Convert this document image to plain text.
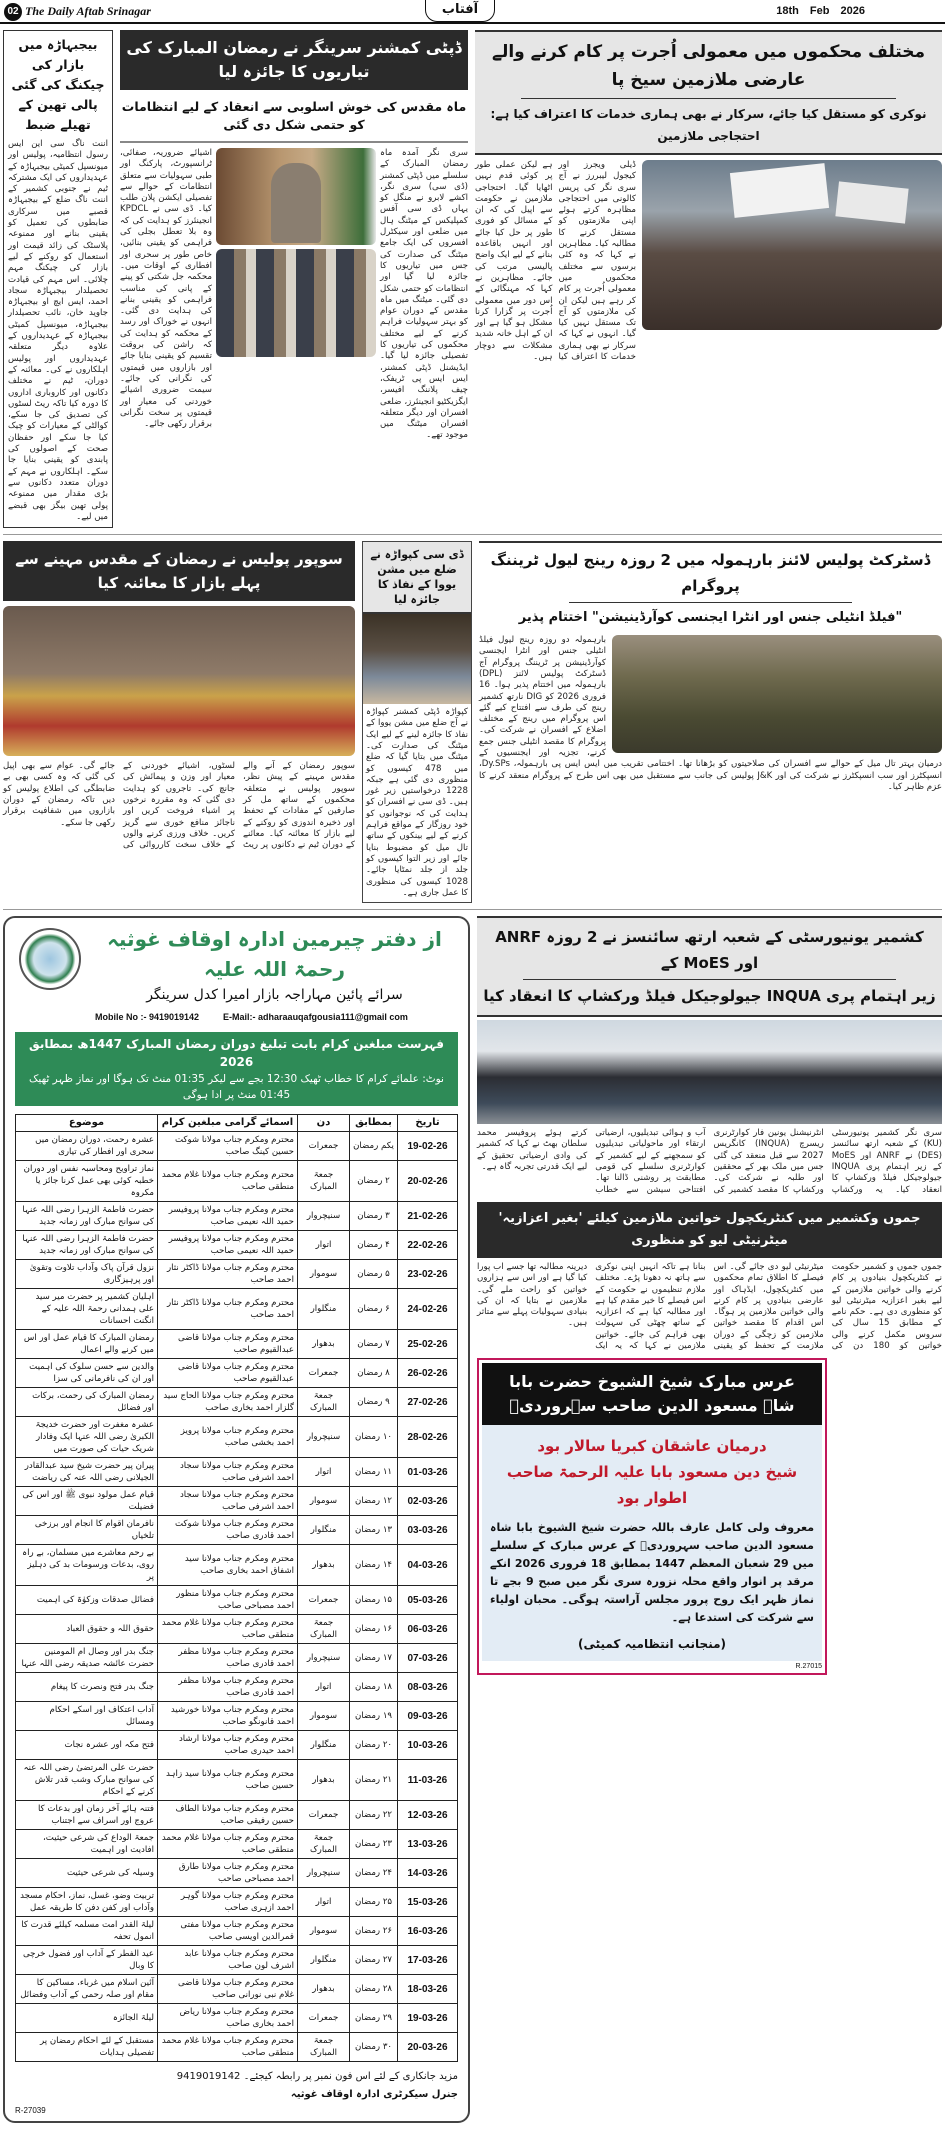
02 The Daily Aftab Srinagar	آفتاب	18th Feb 2026
بیجبہاڑہ میں بازار کی
چیکنگ کی گئی
پالی تھین کے تھیلے ضبط
اننت ناگ سی این ایس رسول انتظامیہ، پولیس اور میونسپل کمیٹی بیجبہاڑہ کے عہدیداروں کی ایک مشترکہ ٹیم نے جنوبی کشمیر کے اننت ناگ ضلع کے بیجبہاڑہ قصبے میں سرکاری ضابطوں کی تعمیل کو یقینی بنانے اور ممنوعہ پلاسٹک کی زائد قیمت اور استعمال کو روکنے کے لیے بازار کی چیکنگ مہم چلائی۔ اس مہم کی قیادت تحصیلدار بیجبہاڑہ سجاد احمد، ایس ایچ او بیجبہاڑہ جاوید خان، نائب تحصیلدار بیجبہاڑہ، میونسپل کمیٹی بیجبہاڑہ کے عہدیداروں کے علاوہ دیگر متعلقہ عہدیداروں اور پولیس اہلکاروں نے کی۔ معائنہ کے دوران، ٹیم نے مختلف دکانوں اور کاروباری اداروں کا دورہ کیا تاکہ ریٹ لسٹوں کی تصدیق کی جا سکے، کوالٹی کے معیارات کو چیک کیا جا سکے اور حفظان صحت کے اصولوں کی پابندی کو یقینی بنایا جا سکے۔ اہلکاروں نے مہم کے دوران متعدد دکانوں سے بڑی مقدار میں ممنوعہ پولی تھین بیگز بھی قبضے میں لیے۔
ڈپٹی کمشنر سرینگر نے رمضان المبارک کی تیاریوں کا جائزہ لیا
ماہ مقدس کی خوش اسلوبی سے انعقاد کے لیے انتظامات کو حتمی شکل دی گئی
اشیائے ضروریہ، صفائی، ٹرانسپورٹ، پارکنگ اور طبی سہولیات سے متعلق انتظامات کے حوالے سے تفصیلی ایکشن پلان طلب کیا۔ ڈی سی نے KPDCL انجینئرز کو ہدایت کی کہ وہ بلا تعطل بجلی کی فراہمی کو یقینی بنائیں، خاص طور پر سحری اور افطاری کے اوقات میں۔ محکمہ جل شکتی کو پینے کے پانی کی مناسب فراہمی کو یقینی بنانے کی ہدایت دی گئی۔ انہوں نے خوراک اور رسد کے محکمہ کو ہدایت کی کہ راشن کی بروقت تقسیم کو یقینی بنایا جائے اور بازاروں میں قیمتوں کی نگرانی کی جائے۔ سیمت ضروری اشیائے خوردنی کی معیار اور قیمتوں پر سخت نگرانی برقرار رکھی جائے۔
سری نگر آمدہ ماہ رمضان المبارک کے سلسلے میں ڈپٹی کمشنر (ڈی سی) سری نگر، اکشے لابرو نے منگل کو یہاں ڈی سی آفس کمپلیکس کے میٹنگ ہال میں ضلعی اور سیکٹرل افسروں کی ایک جامع میٹنگ کی صدارت کی جس میں تیاریوں کا جائزہ لیا گیا اور انتظامات کو حتمی شکل دی گئی۔ میٹنگ میں ماہ مقدس کے دوران عوام کو بہتر سہولیات فراہم کرنے کے لیے مختلف محکموں کی تیاریوں کا تفصیلی جائزہ لیا گیا۔ ایڈیشنل ڈپٹی کمشنر، ایس ایس پی ٹریفک، چیف پلاننگ افیسر، ایگزیکٹیو انجینئرز، ضلعی افسران اور دیگر متعلقہ افسران میٹنگ میں موجود تھے۔
مختلف محکموں میں معمولی اُجرت پر کام کرنے والے عارضی ملازمین سیخ پا
نوکری کو مستقل کیا جائے، سرکار نے بھی ہماری خدمات کا اعتراف کیا ہے: احتجاجی ملازمین
ڈیلی ویجرز اور کیجول لیبررز نے آج سری نگر کی پریس کالونی میں احتجاجی مظاہرہ کرتے ہوئے اپنی ملازمتوں کو مستقل کرنے کا مطالبہ کیا۔ مظاہرین نے کہا کہ وہ کئی برسوں سے مختلف محکموں میں معمولی اُجرت پر کام کر رہے ہیں لیکن ان کی ملازمتوں کو آج تک مستقل نہیں کیا گیا۔ انہوں نے کہا کہ سرکار نے بھی ہماری خدمات کا اعتراف کیا ہے لیکن عملی طور پر کوئی قدم نہیں اٹھایا گیا۔ احتجاجی ملازمین نے حکومت سے اپیل کی کہ ان کے مسائل کو فوری طور پر حل کیا جائے اور انہیں باقاعدہ بنانے کے لیے ایک واضح پالیسی مرتب کی جائے۔ مظاہرین نے کہا کہ مہنگائی کے اس دور میں معمولی اُجرت پر گزارا کرنا مشکل ہو گیا ہے اور ان کے اہل خانہ شدید مشکلات سے دوچار ہیں۔
سوپور پولیس نے رمضان کے مقدس مہینے سے پہلے بازار کا معائنہ کیا
سوپور رمضان کے آنے والے مقدس مہینے کے پیش نظر، سوپور پولیس نے متعلقہ محکموں کے ساتھ مل کر صارفین کے مفادات کے تحفظ اور ذخیرہ اندوزی کو روکنے کے لیے بازار کا معائنہ کیا۔ معائنے کے دوران ٹیم نے دکانوں پر ریٹ لسٹوں، اشیائے خوردنی کے معیار اور وزن و پیمائش کی جانچ کی۔ تاجروں کو ہدایت دی گئی کہ وہ مقررہ نرخوں پر اشیاء فروخت کریں اور ناجائز منافع خوری سے گریز کریں۔ خلاف ورزی کرنے والوں کے خلاف سخت کارروائی کی جائے گی۔ عوام سے بھی اپیل کی گئی کہ وہ کسی بھی بے ضابطگی کی اطلاع پولیس کو دیں تاکہ رمضان کے دوران بازاروں میں شفافیت برقرار رکھی جا سکے۔
ڈی سی کپواڑہ نے ضلع میں مشن یووا کے نفاذ کا جائزہ لیا
کپواڑہ ڈپٹی کمشنر کپواڑہ نے آج ضلع میں مشن یووا کے نفاذ کا جائزہ لینے کے لیے ایک میٹنگ کی صدارت کی۔ میٹنگ میں بتایا گیا کہ ضلع میں 478 کیسوں کو منظوری دی گئی ہے جبکہ 1228 درخواستیں زیر غور ہیں۔ ڈی سی نے افسران کو ہدایت کی کہ نوجوانوں کو خود روزگار کے مواقع فراہم کرنے کے لیے بینکوں کے ساتھ تال میل کو مضبوط بنایا جائے اور زیر التوا کیسوں کو جلد از جلد نمٹایا جائے۔ 1028 کیسوں کی منظوری کا عمل جاری ہے۔
ڈسٹرکٹ پولیس لائنز بارہمولہ میں 2 روزہ رینج لیول ٹریننگ پروگرام
"فیلڈ انٹیلی جنس اور انٹرا ایجنسی کوآرڈینیشن" اختتام پذیر
بارہمولہ دو روزہ رینج لیول فیلڈ انٹیلی جنس اور انٹرا ایجنسی کوآرڈینیشن پر ٹریننگ پروگرام آج ڈسٹرکٹ پولیس لائنز (DPL) بارہمولہ میں اختتام پذیر ہوا۔ 16 فروری 2026 کو DIG نارتھ کشمیر رینج کی طرف سے افتتاح کیے گئے اس پروگرام میں رینج کے مختلف اضلاع کے افسران نے شرکت کی۔ پروگرام کا مقصد انٹیلی جنس جمع کرنے، تجزیہ اور ایجنسیوں کے درمیان بہتر تال میل کے حوالے سے افسران کی صلاحیتوں کو بڑھانا تھا۔ اختتامی تقریب میں ایس ایس پی بارہمولہ، Dy.SPs، انسپکٹرز اور سب انسپکٹرز نے شرکت کی اور J&K پولیس کی جانب سے مستقبل میں بھی اس طرح کے پروگرام منعقد کرنے کا عزم ظاہر کیا۔
از دفتر چیرمین ادارہ اوقاف غوثیہ رحمۃ اللہ علیہ
سرائے پائین مہاراجہ بازار امیرا کدل سرینگر
Mobile No :- 9419019142	E-Mail:- adharaauqafgousia111@gmail com
فہرست مبلغین کرام بابت تبلیغ دوران رمضان المبارک 1447ھ بمطابق 2026
نوٹ: علمائے کرام کا خطاب ٹھیک 12:30 بجے سے لیکر 01:35 منٹ تک ہوگا اور نماز ظہر ٹھیک 01:45 منٹ پر ادا ہوگی
تاریخ	بمطابق	دن	اسمائے گرامی مبلغین کرام	موضوع
19-02-26	یکم رمضان	جمعرات	محترم ومکرم جناب مولانا شوکت حسین کینگ صاحب	عشرہ رحمت، دوران رمضان میں سحری اور افطار کی تیاری
20-02-26	۲ رمضان	جمعۃ المبارک	محترم ومکرم جناب مولانا غلام محمد منطقی صاحب	نماز تراویح ومحاسبہ نفس اور دوران خطبہ کوئی بھی عمل کرنا جائز یا مکروہ
21-02-26	۳ رمضان	سنیچروار	محترم ومکرم جناب مولانا پروفیسر حمید اللہ نعیمی صاحب	حضرت فاطمۃ الزہرا رضی اللہ عنہا کی سوانح مبارک اور زمانہ جدید
22-02-26	۴ رمضان	اتوار	محترم ومکرم جناب مولانا پروفیسر حمید اللہ نعیمی صاحب	حضرت فاطمۃ الزہرا رضی اللہ عنہا کی سوانح مبارک اور زمانہ جدید
23-02-26	۵ رمضان	سوموار	محترم ومکرم جناب مولانا ڈاکٹر نثار احمد صاحب	نزول قرآن پاک وآداب تلاوت وتقویٰ اور پرہیزگاری
24-02-26	۶ رمضان	منگلوار	محترم ومکرم جناب مولانا ڈاکٹر نثار احمد صاحب	اہلیان کشمیر پر حضرت میر سید علی ہمدانی رحمۃ اللہ علیہ کے انگنت احسانات
25-02-26	۷ رمضان	بدھوار	محترم ومکرم جناب مولانا قاضی عبدالقیوم صاحب	رمضان المبارک کا قیام عمل اور اس میں کرنے والے اعمال
26-02-26	۸ رمضان	جمعرات	محترم ومکرم جناب مولانا قاضی عبدالقیوم صاحب	والدین سے حسن سلوک کی اہمیت اور ان کی نافرمانی کی سزا
27-02-26	۹ رمضان	جمعۃ المبارک	محترم ومکرم جناب مولانا الحاج سید گلزار احمد بخاری صاحب	رمضان المبارک کی رحمت، برکات اور فضائل
28-02-26	۱۰ رمضان	سنیچروار	محترم ومکرم جناب مولانا پرویز احمد بخشی صاحب	عشرہ مغفرت اور حضرت خدیجۃ الکبریٰ رضی اللہ عنہا ایک وفادار شریک حیات کی صورت میں
01-03-26	۱۱ رمضان	اتوار	محترم ومکرم جناب مولانا سجاد احمد اشرفی صاحب	پیران پیر حضرت شیخ سید عبدالقادر الجیلانی رضی اللہ عنہ کی ریاضت
02-03-26	۱۲ رمضان	سوموار	محترم ومکرم جناب مولانا سجاد احمد اشرفی صاحب	قیام عمل مولود نبوی ﷺ اور اس کی فضیلت
03-03-26	۱۳ رمضان	منگلوار	محترم ومکرم جناب مولانا شوکت احمد قادری صاحب	نافرمان اقوام کا انجام اور برزخی تلخیاں
04-03-26	۱۴ رمضان	بدھوار	محترم ومکرم جناب مولانا سید اشفاق احمد بخاری صاحب	بے رحم معاشرے میں مسلمان، بے راہ روی، بدعات ورسومات بد کی دہلیز پر
05-03-26	۱۵ رمضان	جمعرات	محترم ومکرم جناب مولانا منظور احمد مصباحی صاحب	فضائل صدقات وزکوٰۃ کی اہمیت
06-03-26	۱۶ رمضان	جمعۃ المبارک	محترم ومکرم جناب مولانا غلام محمد منطقی صاحب	حقوق اللہ و حقوق العباد
07-03-26	۱۷ رمضان	سنیچروار	محترم ومکرم جناب مولانا مظفر احمد قادری صاحب	جنگ بدر اور وصال ام المومنین حضرت عائشہ صدیقہ رضی اللہ عنہا
08-03-26	۱۸ رمضان	اتوار	محترم ومکرم جناب مولانا مظفر احمد قادری صاحب	جنگ بدر فتح ونصرت کا پیغام
09-03-26	۱۹ رمضان	سوموار	محترم ومکرم جناب مولانا خورشید احمد قانونگو صاحب	آداب اعتکاف اور اسکے احکام ومسائل
10-03-26	۲۰ رمضان	منگلوار	محترم ومکرم جناب مولانا ارشاد احمد حیدری صاحب	فتح مکہ اور عشرہ نجات
11-03-26	۲۱ رمضان	بدھوار	محترم ومکرم جناب مولانا سید زاہد حسین صاحب	حضرت علی المرتضیٰ رضی اللہ عنہ کی سوانح مبارک وشب قدر تلاش کرنے کے احکام
12-03-26	۲۲ رمضان	جمعرات	محترم ومکرم جناب مولانا الطاف حسین رفیقی صاحب	فتنہ ہائے آخر زمان اور بدعات کا عروج اور اسراف سے اجتناب
13-03-26	۲۳ رمضان	جمعۃ المبارک	محترم ومکرم جناب مولانا غلام محمد منطقی صاحب	جمعۃ الوداع کی شرعی حیثیت، افادیت اور اہمیت
14-03-26	۲۴ رمضان	سنیچروار	محترم ومکرم جناب مولانا طارق احمد مصباحی صاحب	وسیلہ کی شرعی حیثیت
15-03-26	۲۵ رمضان	اتوار	محترم ومکرم جناب مولانا گوہر احمد ازہری صاحب	تربیت وضو، غسل، نماز، احکام مسجد وآداب اور کفن دفن کا طریقہ عمل
16-03-26	۲۶ رمضان	سوموار	محترم ومکرم جناب مولانا مفتی قمرالدین اویسی صاحب	لیلۃ القدر امت مسلمہ کیلئے قدرت کا انمول تحفہ
17-03-26	۲۷ رمضان	منگلوار	محترم ومکرم جناب مولانا عابد اشرف لون صاحب	عید الفطر کے آداب اور فضول خرچی کا وبال
18-03-26	۲۸ رمضان	بدھوار	محترم ومکرم جناب مولانا قاضی غلام نبی نورانی صاحب	آئین اسلام میں غرباء، مساکین کا مقام اور صلہ رحمی کے آداب وفضائل
19-03-26	۲۹ رمضان	جمعرات	محترم ومکرم جناب مولانا ریاض احمد بخاری صاحب	لیلۃ الجائزہ
20-03-26	۳۰ رمضان	جمعۃ المبارک	محترم ومکرم جناب مولانا غلام محمد منطقی صاحب	مستقبل کے لئے احکام رمضان پر تفصیلی ہدایات
مزید جانکاری کے لئے اس فون نمبر پر رابطہ کیجئے۔ 9419019142
جنرل سیکرٹری ادارہ اوقاف غوثیہ
R-27039
کشمیر یونیورسٹی کے شعبہ ارتھ سائنسز نے 2 روزہ ANRF اور MoES کے
زیر اہتمام پری INQUA جیولوجیکل فیلڈ ورکشاپ کا انعقاد کیا
سری نگر کشمیر یونیورسٹی (KU) کے شعبہ ارتھ سائنسز (DES) نے ANRF اور MoES کے زیر اہتمام پری INQUA جیولوجیکل فیلڈ ورکشاپ کا انعقاد کیا۔ یہ ورکشاپ انٹرنیشنل یونین فار کوارٹرنری ریسرچ (INQUA) کانگریس 2027 سے قبل منعقد کی گئی جس میں ملک بھر کے محققین اور طلبہ نے شرکت کی۔ ورکشاپ کا مقصد کشمیر کی آب و ہوائی تبدیلیوں، ارضیاتی ارتقاء اور ماحولیاتی تبدیلیوں کو سمجھنے کے لیے کشمیر کے کوارٹرنری سلسلے کی قومی مطابقت پر روشنی ڈالنا تھا۔ افتتاحی سیشن سے خطاب کرتے ہوئے پروفیسر محمد سلطان بھٹ نے کہا کہ کشمیر کی وادی ارضیاتی تحقیق کے لیے ایک قدرتی تجربہ گاہ ہے۔
جموں وکشمیر میں کنٹریکچول خواتین ملازمین کیلئے 'بغیر اعزازیہ' میٹرنیٹی لیو کو منظوری
جموں جموں و کشمیر حکومت نے کنٹریکچول بنیادوں پر کام کرنے والی خواتین ملازمین کے لیے بغیر اعزازیہ میٹرنیٹی لیو کو منظوری دی ہے۔ حکم نامے کے مطابق 15 سال کی سروس مکمل کرنے والی خواتین کو 180 دن کی میٹرنیٹی لیو دی جائے گی۔ اس فیصلے کا اطلاق تمام محکموں میں کنٹریکچول، ایڈہاک اور عارضی بنیادوں پر کام کرنے والی خواتین ملازمین پر ہوگا۔ اس اقدام کا مقصد خواتین ملازمین کو زچگی کے دوران ملازمت کے تحفظ کو یقینی بنانا ہے تاکہ انہیں اپنی نوکری سے ہاتھ نہ دھونا پڑے۔ مختلف ملازم تنظیموں نے حکومت کے اس فیصلے کا خیر مقدم کیا ہے اور مطالبہ کیا ہے کہ اعزازیہ کے ساتھ چھٹی کی سہولت بھی فراہم کی جائے۔ خواتین ملازمین نے کہا کہ یہ ایک دیرینہ مطالبہ تھا جسے اب پورا کیا گیا ہے اور اس سے ہزاروں خواتین کو راحت ملے گی۔ ملازمین نے بتایا کہ ان کی بنیادی سہولیات پہلے سے متاثر ہیں۔
عرس مبارک شیخ الشیوخ حضرت بابا شاہ مسعود الدین صاحب سہروردیؒ
درمیان عاشقان کبریا سالار بود
شیخ دین مسعود بابا علیہ الرحمۃ صاحب اطوار بود
معروف ولی کامل عارف باللہ حضرت شیخ الشیوخ بابا شاہ مسعود الدین صاحب سہروردیؒ کے عرس مبارک کے سلسلے میں 29 شعبان المعظم 1447 بمطابق 18 فروری 2026 انکے مرقد پر انوار واقع محلہ نزورہ سری نگر میں صبح 9 بجے تا نماز ظہر ایک روح پرور مجلس آراستہ ہوگی۔ محبان اولیاء سے شرکت کی استدعا ہے۔
(منجانب انتظامیہ کمیٹی)
R.27015
